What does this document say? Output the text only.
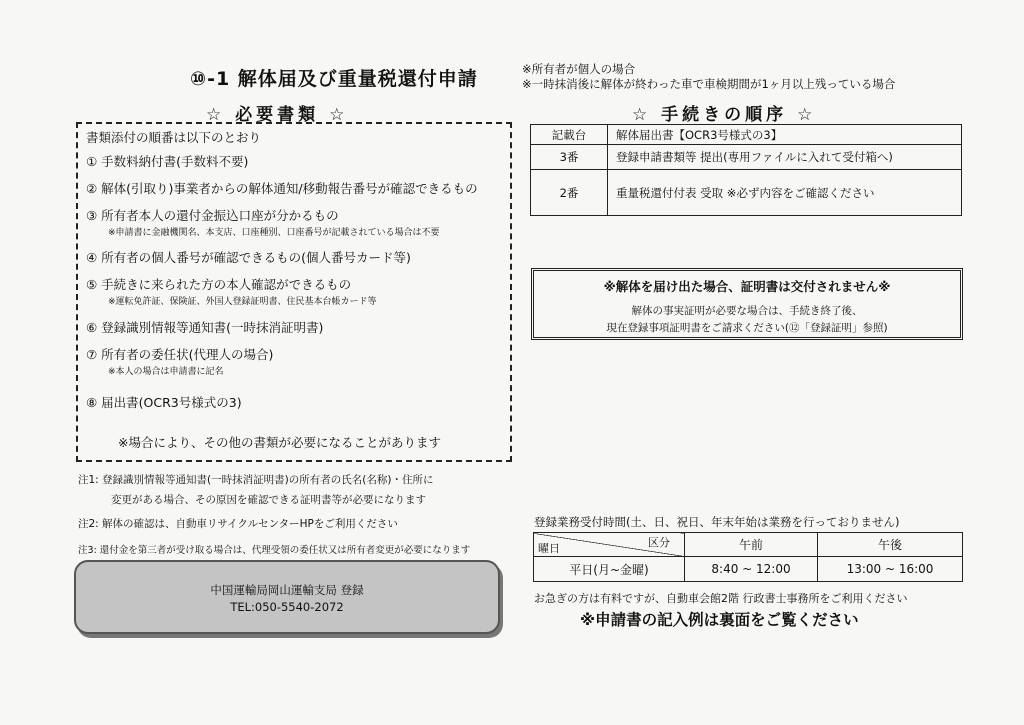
⑩-1 解体届及び重量税還付申請	※所有者が個人の場合
※一時抹消後に解体が終わった車で車検期間が1ヶ月以上残っている場合
☆ 必要書類 ☆
書類添付の順番は以下のとおり
① 手数料納付書(手数料不要)
② 解体(引取り)事業者からの解体通知/移動報告番号が確認できるもの
③ 所有者本人の還付金振込口座が分かるもの
※申請書に金融機関名、本支店、口座種別、口座番号が記載されている場合は不要
④ 所有者の個人番号が確認できるもの(個人番号カード等)
⑤ 手続きに来られた方の本人確認ができるもの
※運転免許証、保険証、外国人登録証明書、住民基本台帳カード等
⑥ 登録識別情報等通知書(一時抹消証明書)
⑦ 所有者の委任状(代理人の場合)
※本人の場合は申請書に記名
⑧ 届出書(OCR3号様式の3)
※場合により、その他の書類が必要になることがあります
注1: 登録識別情報等通知書(一時抹消証明書)の所有者の氏名(名称)・住所に
変更がある場合、その原因を確認できる証明書等が必要になります
注2: 解体の確認は、自動車リサイクルセンターHPをご利用ください
注3: 還付金を第三者が受け取る場合は、代理受領の委任状又は所有者変更が必要になります
中国運輸局岡山運輸支局 登録
TEL:050-5540-2072
☆ 手続きの順序 ☆
記載台	解体届出書【OCR3号様式の3】
3番	登録申請書類等 提出(専用ファイルに入れて受付箱へ)
2番	重量税還付付表 受取 ※必ず内容をご確認ください
※解体を届け出た場合、証明書は交付されません※
解体の事実証明が必要な場合は、手続き終了後、
現在登録事項証明書をご請求ください(⑫「登録証明」参照)
登録業務受付時間(土、日、祝日、年末年始は業務を行っておりません)
区分
曜日	午前	午後
平日(月~金曜)	8:40 ~ 12:00	13:00 ~ 16:00
お急ぎの方は有料ですが、自動車会館2階 行政書士事務所をご利用ください
※申請書の記入例は裏面をご覧ください
